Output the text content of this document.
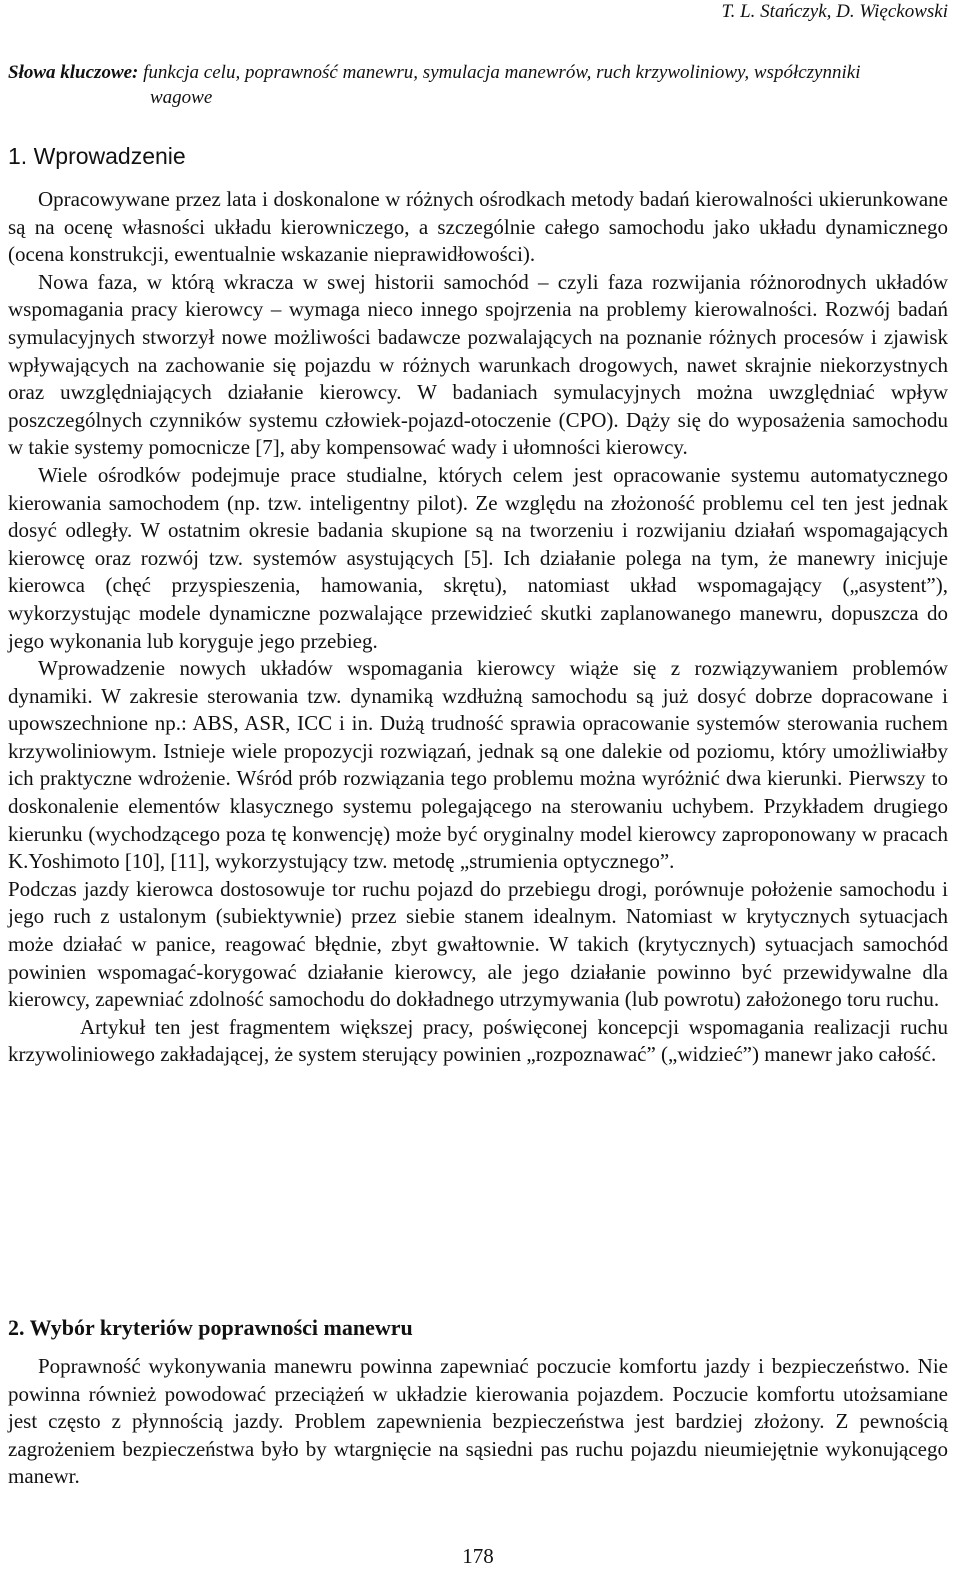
T. L. Stańczyk, D. Więckowski
Słowa kluczowe: funkcja celu, poprawność manewru, symulacja manewrów, ruch krzywoliniowy, współczynniki
wagowe
1. Wprowadzenie

Opracowywane przez lata i doskonalone w różnych ośrodkach metody badań kierowalności ukierunkowane są na ocenę własności układu kierowniczego, a szczególnie całego samochodu jako układu dynamicznego (ocena konstrukcji, ewentualnie wskazanie nieprawidłowości).

Nowa faza, w którą wkracza w swej historii samochód – czyli faza rozwijania różnorodnych układów wspomagania pracy kierowcy – wymaga nieco innego spojrzenia na problemy kierowalności. Rozwój badań symulacyjnych stworzył nowe możliwości badawcze pozwalających na poznanie różnych procesów i zjawisk wpływających na zachowanie się pojazdu w różnych warunkach drogowych, nawet skrajnie niekorzystnych oraz uwzględniających działanie kierowcy. W badaniach symulacyjnych można uwzględniać wpływ poszczególnych czynników systemu człowiek-pojazd-otoczenie (CPO). Dąży się do wyposażenia samochodu w takie systemy pomocnicze [7], aby kompensować wady i ułomności kierowcy.

Wiele ośrodków podejmuje prace studialne, których celem jest opracowanie systemu automatycznego kierowania samochodem (np. tzw. inteligentny pilot). Ze względu na złożoność problemu cel ten jest jednak dosyć odległy. W ostatnim okresie badania skupione są na tworzeniu i rozwijaniu działań wspomagających kierowcę oraz rozwój tzw. systemów asystujących [5]. Ich działanie polega na tym, że manewry inicjuje kierowca (chęć przyspieszenia, hamowania, skrętu), natomiast układ wspomagający („asystent”), wykorzystując modele dynamiczne pozwalające przewidzieć skutki zaplanowanego manewru, dopuszcza do jego wykonania lub koryguje jego przebieg.

Wprowadzenie nowych układów wspomagania kierowcy wiąże się z rozwiązywaniem problemów dynamiki. W zakresie sterowania tzw. dynamiką wzdłużną samochodu są już dosyć dobrze dopracowane i upowszechnione np.: ABS, ASR, ICC i in. Dużą trudność sprawia opracowanie systemów sterowania ruchem krzywoliniowym. Istnieje wiele propozycji rozwiązań, jednak są one dalekie od poziomu, który umożliwiałby ich praktyczne wdrożenie. Wśród prób rozwiązania tego problemu można wyróżnić dwa kierunki. Pierwszy to doskonalenie elementów klasycznego systemu polegającego na sterowaniu uchybem. Przykładem drugiego kierunku (wychodzącego poza tę konwencję) może być oryginalny model kierowcy zaproponowany w pracach K.Yoshimoto [10], [11], wykorzystujący tzw. metodę „strumienia optycznego”.

Podczas jazdy kierowca dostosowuje tor ruchu pojazd do przebiegu drogi, porównuje położenie samochodu i jego ruch z ustalonym (subiektywnie) przez siebie stanem idealnym. Natomiast w krytycznych sytuacjach może działać w panice, reagować błędnie, zbyt gwałtownie. W takich (krytycznych) sytuacjach samochód powinien wspomagać-korygować działanie kierowcy, ale jego działanie powinno być przewidywalne dla kierowcy, zapewniać zdolność samochodu do dokładnego utrzymywania (lub powrotu) założonego toru ruchu.

Artykuł ten jest fragmentem większej pracy, poświęconej koncepcji wspomagania realizacji ruchu krzywoliniowego zakładającej, że system sterujący powinien „rozpoznawać” („widzieć”) manewr jako całość.

2. Wybór kryteriów poprawności manewru

Poprawność wykonywania manewru powinna zapewniać poczucie komfortu jazdy i bezpieczeństwo. Nie powinna również powodować przeciążeń w układzie kierowania pojazdem. Poczucie komfortu utożsamiane jest często z płynnością jazdy. Problem zapewnienia bezpieczeństwa jest bardziej złożony. Z pewnością zagrożeniem bezpieczeństwa było by wtargnięcie na sąsiedni pas ruchu pojazdu nieumiejętnie wykonującego manewr.

178
